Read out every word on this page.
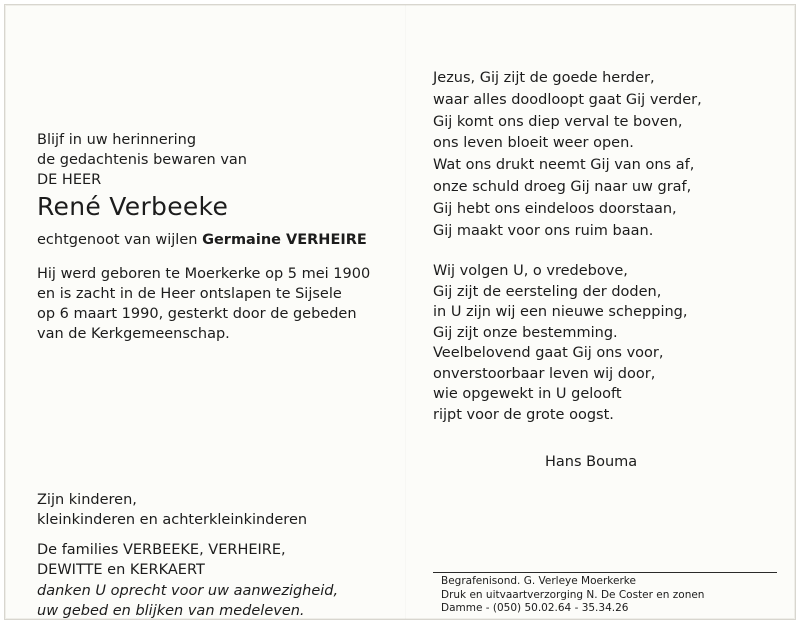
Blijf in uw herinnering
de gedachtenis bewaren van
DE HEER
René Verbeeke
echtgenoot van wijlen Germaine VERHEIRE
Hij werd geboren te Moerkerke op 5 mei 1900
en is zacht in de Heer ontslapen te Sijsele
op 6 maart 1990, gesterkt door de gebeden
van de Kerkgemeenschap.
Zijn kinderen,
kleinkinderen en achterkleinkinderen
De families VERBEEKE, VERHEIRE,
DEWITTE en KERKAERT
danken U oprecht voor uw aanwezigheid,
uw gebed en blijken van medeleven.
Jezus, Gij zijt de goede herder,
waar alles doodloopt gaat Gij verder,
Gij komt ons diep verval te boven,
ons leven bloeit weer open.
Wat ons drukt neemt Gij van ons af,
onze schuld droeg Gij naar uw graf,
Gij hebt ons eindeloos doorstaan,
Gij maakt voor ons ruim baan.
Wij volgen U, o vredebove,
Gij zijt de eersteling der doden,
in U zijn wij een nieuwe schepping,
Gij zijt onze bestemming.
Veelbelovend gaat Gij ons voor,
onverstoorbaar leven wij door,
wie opgewekt in U gelooft
rijpt voor de grote oogst.
Hans Bouma
Begrafenisond. G. Verleye Moerkerke
Druk en uitvaartverzorging N. De Coster en zonen
Damme - (050) 50.02.64 - 35.34.26
